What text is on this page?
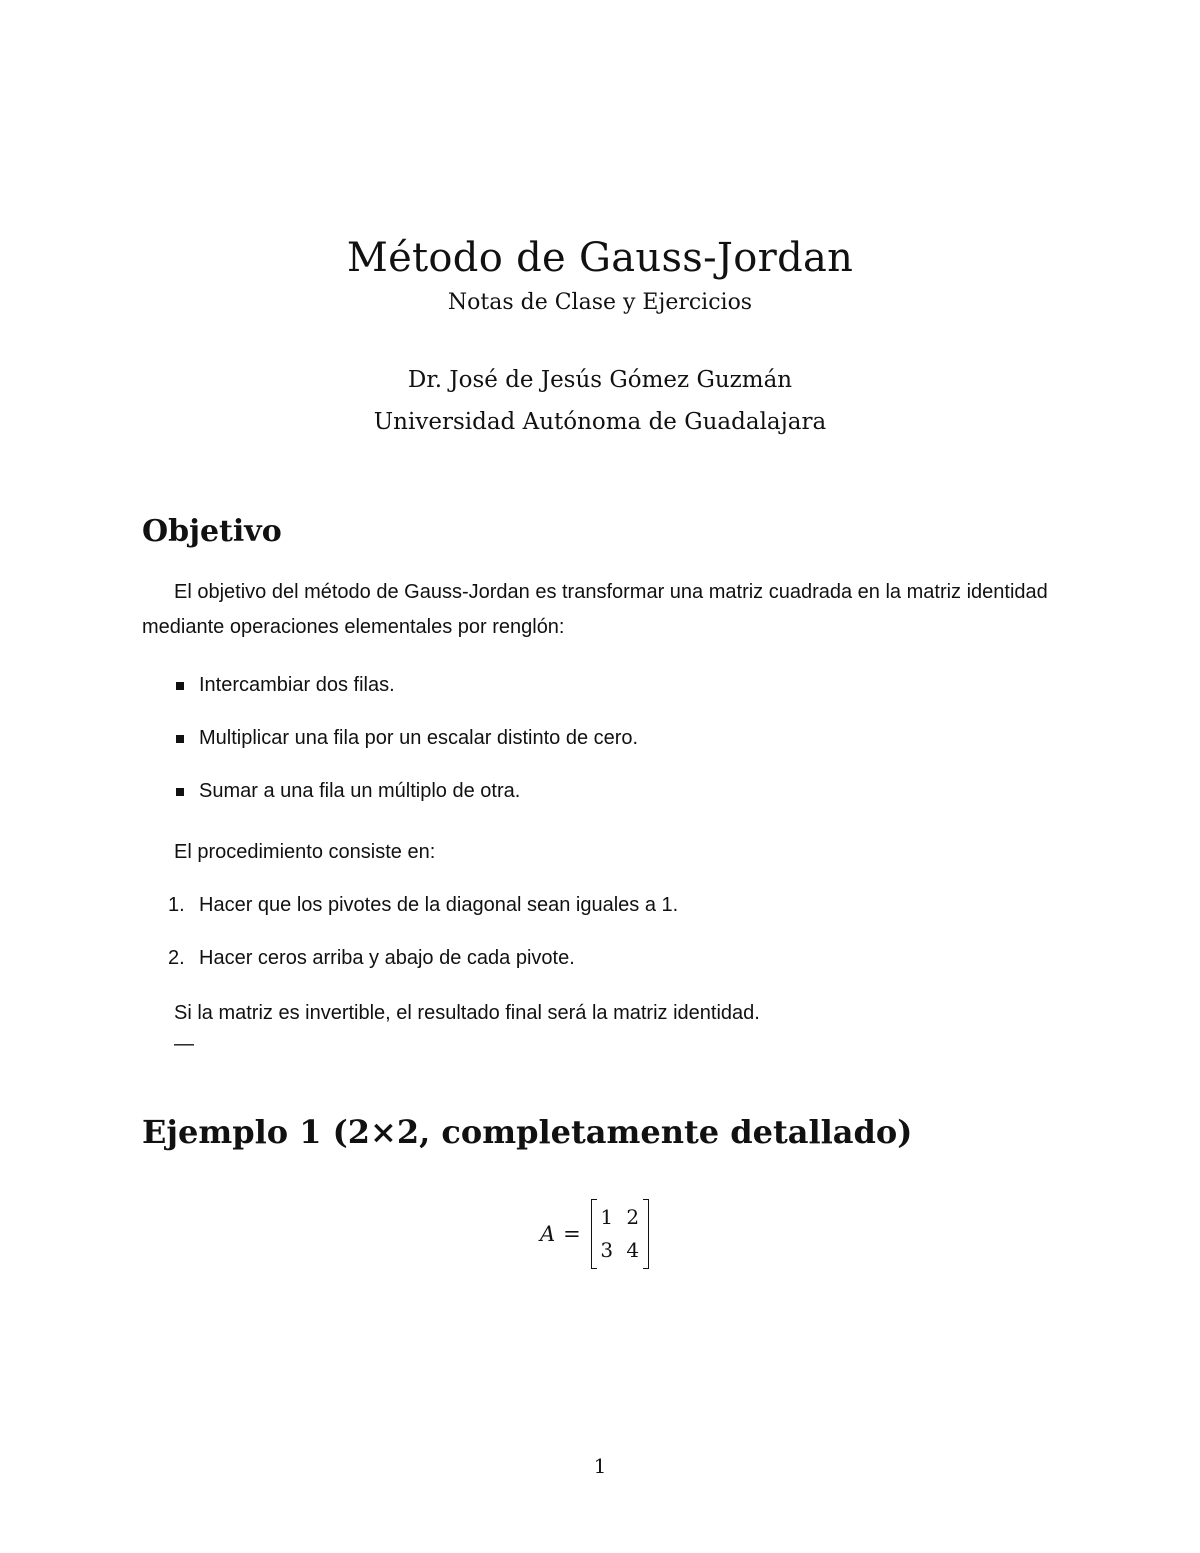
Método de Gauss-Jordan
Notas de Clase y Ejercicios
Dr. José de Jesús Gómez Guzmán
Universidad Autónoma de Guadalajara
Objetivo

El objetivo del método de Gauss-Jordan es transformar una matriz cuadrada en la matriz identidad mediante operaciones elementales por renglón:

Intercambiar dos filas.
Multiplicar una fila por un escalar distinto de cero.
Sumar a una fila un múltiplo de otra.

El procedimiento consiste en:

1. Hacer que los pivotes de la diagonal sean iguales a 1.
2. Hacer ceros arriba y abajo de cada pivote.

Si la matriz es invertible, el resultado final será la matriz identidad.

—
Ejemplo 1 (2×2, completamente detallado)
A =
1 2
3 4
1
